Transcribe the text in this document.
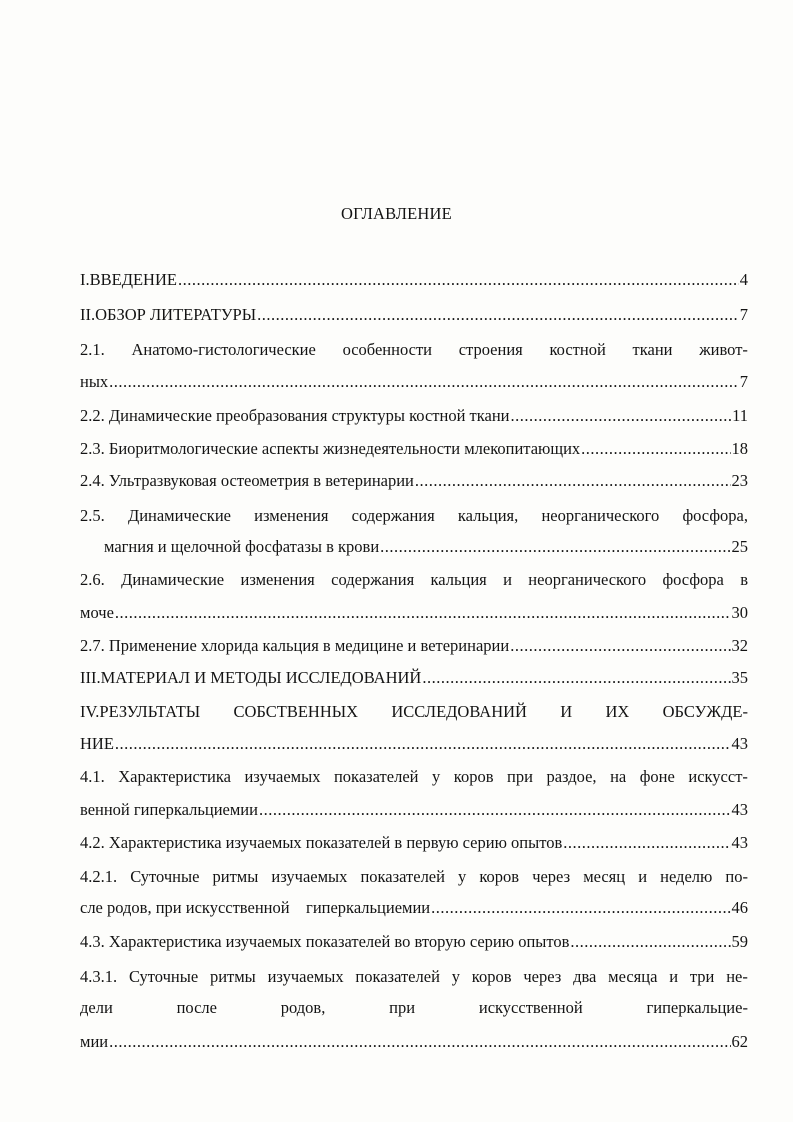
ОГЛАВЛЕНИЕ
I.ВВЕДЕНИЕ .....	4
II.ОБЗОР ЛИТЕРАТУРЫ .....	7
2.1. Анатомо-гистологические особенности строения костной ткани живот-
ных .....	7
2.2. Динамические преобразования структуры костной ткани .....	11
2.3. Биоритмологические аспекты жизнедеятельности млекопитающих .....	18
2.4. Ультразвуковая остеометрия в ветеринарии .....	23
2.5. Динамические изменения содержания кальция, неорганического фосфора,
магния и щелочной фосфатазы в крови .....	25
2.6. Динамические изменения содержания кальция и неорганического фосфора в
моче .....	30
2.7. Применение хлорида кальция в медицине и ветеринарии .....	32
III.МАТЕРИАЛ И МЕТОДЫ ИССЛЕДОВАНИЙ .....	35
IV.РЕЗУЛЬТАТЫ СОБСТВЕННЫХ ИССЛЕДОВАНИЙ И ИХ ОБСУЖДЕ-
НИЕ .....	43
4.1. Характеристика изучаемых показателей у коров при раздое, на фоне искусст-
венной гиперкальциемии .....	43
4.2. Характеристика изучаемых показателей в первую серию опытов .....	43
4.2.1. Суточные ритмы изучаемых показателей у коров через месяц и неделю по-
сле родов, при искусственной    гиперкальциемии .....	46
4.3. Характеристика изучаемых показателей во вторую серию опытов .....	59
4.3.1. Суточные ритмы изучаемых показателей у коров через два месяца и три не-
дели	после	родов,	при	искусственной	гиперкальцие-
мии .....	62
